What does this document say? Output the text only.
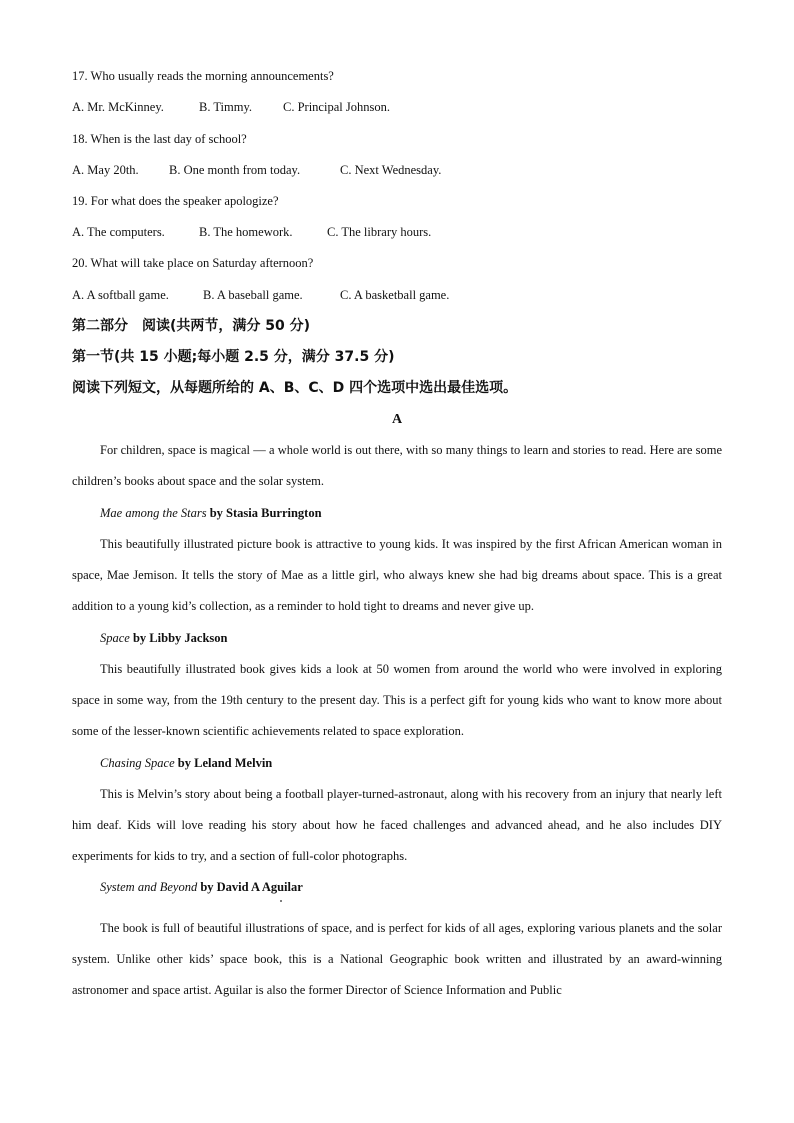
17. Who usually reads the morning announcements?
A. Mr. McKinney.	B. Timmy. C. Principal Johnson.
18. When is the last day of school?
A. May 20th. B. One month from today.	C. Next Wednesday.
19. For what does the speaker apologize?
A. The computers.	B. The homework.	C. The library hours.
20. What will take place on Saturday afternoon?
A. A softball game.	B. A baseball game.	C. A basketball game.
第二部分　阅读(共两节，满分 50 分)
第一节(共 15 小题;每小题 2.5 分，满分 37.5 分)
阅读下列短文，从每题所给的 A、B、C、D 四个选项中选出最佳选项。
A
For children, space is magical — a whole world is out there, with so many things to learn and stories to read. Here are some children’s books about space and the solar system.
Mae among the Stars by Stasia Burrington
This beautifully illustrated picture book is attractive to young kids. It was inspired by the first African American woman in space, Mae Jemison. It tells the story of Mae as a little girl, who always knew she had big dreams about space. This is a great addition to a young kid’s collection, as a reminder to hold tight to dreams and never give up.
Space by Libby Jackson
This beautifully illustrated book gives kids a look at 50 women from around the world who were involved in exploring space in some way, from the 19th century to the present day. This is a perfect gift for young kids who want to know more about some of the lesser-known scientific achievements related to space exploration.
Chasing Space by Leland Melvin
This is Melvin’s story about being a football player-turned-astronaut, along with his recovery from an injury that nearly left him deaf. Kids will love reading his story about how he faced challenges and advanced ahead, and he also includes DIY experiments for kids to try, and a section of full-color photographs.
System and Beyond by David A Aguilar
The book is full of beautiful illustrations of space, and is perfect for kids of all ages, exploring various planets and the solar system. Unlike other kids’ space book, this is a National Geographic book written and illustrated by an award-winning astronomer and space artist. Aguilar is also the former Director of Science Information and Public
